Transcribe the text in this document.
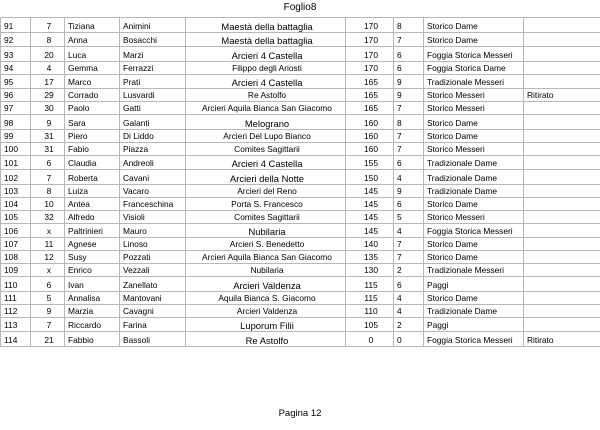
Foglio8
91	7	Tiziana	Animini	Maestà della battaglia	170	8	Storico Dame	
92	8	Anna	Bosacchi	Maestà della battaglia	170	7	Storico Dame	
93	20	Luca	Marzi	Arcieri 4 Castella	170	6	Foggia Storica Messeri	
94	4	Gemma	Ferrazzi	Filippo degli Ariosti	170	6	Foggia Storica Dame	
95	17	Marco	Prati	Arcieri 4 Castella	165	9	Tradizionale Messeri	
96	29	Corrado	Lusvardi	Re Astolfo	165	9	Storico Messeri	Ritirato
97	30	Paolo	Gatti	Arcieri Aquila Bianca San Giacomo	165	7	Storico Messeri	
98	9	Sara	Galanti	Melograno	160	8	Storico Dame	
99	31	Piero	Di Liddo	Arcieri Del Lupo Bianco	160	7	Storico Dame	
100	31	Fabio	Piazza	Comites Sagittarii	160	7	Storico Messeri	
101	6	Claudia	Andreoli	Arcieri 4 Castella	155	6	Tradizionale Dame	
102	7	Roberta	Cavani	Arcieri della Notte	150	4	Tradizionale Dame	
103	8	Luiza	Vacaro	Arcieri del Reno	145	9	Tradizionale Dame	
104	10	Antea	Franceschina	Porta S. Francesco	145	6	Storico Dame	
105	32	Alfredo	Visioli	Comites Sagittarii	145	5	Storico Messeri	
106	x	Paltrinieri	Mauro	Nubilaria	145	4	Foggia Storica Messeri	
107	11	Agnese	Linoso	Arcieri S. Benedetto	140	7	Storico Dame	
108	12	Susy	Pozzati	Arcieri Aquila Bianca San Giacomo	135	7	Storico Dame	
109	x	Enrico	Vezzali	Nubilaria	130	2	Tradizionale Messeri	
110	6	Ivan	Zanellato	Arcieri Valdenza	115	6	Paggi	
111	5	Annalisa	Mantovani	Aquila Bianca S. Giacomo	115	4	Storico Dame	
112	9	Marzia	Cavagni	Arcieri Valdenza	110	4	Tradizionale Dame	
113	7	Riccardo	Farina	Luporum Filii	105	2	Paggi	
114	21	Fabbio	Bassoli	Re Astolfo	0	0	Foggia Storica Messeri	Ritirato
Pagina 12
